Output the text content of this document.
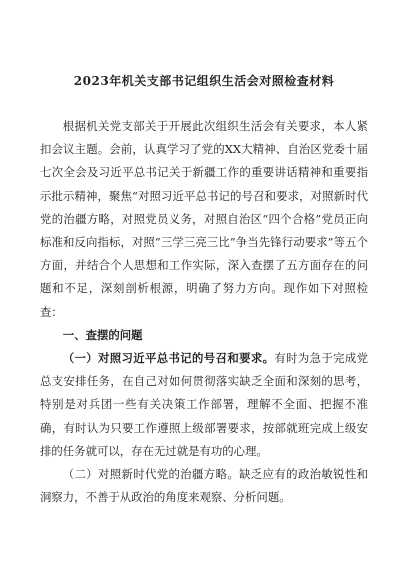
2023年机关支部书记组织生活会对照检查材料

根据机关党支部关于开展此次组织生活会有关要求，本人紧扣会议主题。会前，认真学习了党的XX大精神、自治区党委十届七次全会及习近平总书记关于新疆工作的重要讲话精神和重要指示批示精神，聚焦“对照习近平总书记的号召和要求，对照新时代党的治疆方略，对照党员义务，对照自治区“四个合格”党员正向标准和反向指标，对照“三学三亮三比”争当先锋行动要求”等五个方面，并结合个人思想和工作实际，深入查摆了五方面存在的问题和不足，深刻剖析根源，明确了努力方向。现作如下对照检查：

一、查摆的问题

（一）对照习近平总书记的号召和要求。有时为急于完成党总支安排任务，在自己对如何贯彻落实缺乏全面和深刻的思考，特别是对兵团一些有关决策工作部署，理解不全面、把握不准确，有时认为只要工作遵照上级部署要求，按部就班完成上级安排的任务就可以，存在无过就是有功的心理。

（二）对照新时代党的治疆方略。缺乏应有的政治敏锐性和洞察力，不善于从政治的角度来观察、分析问题。
